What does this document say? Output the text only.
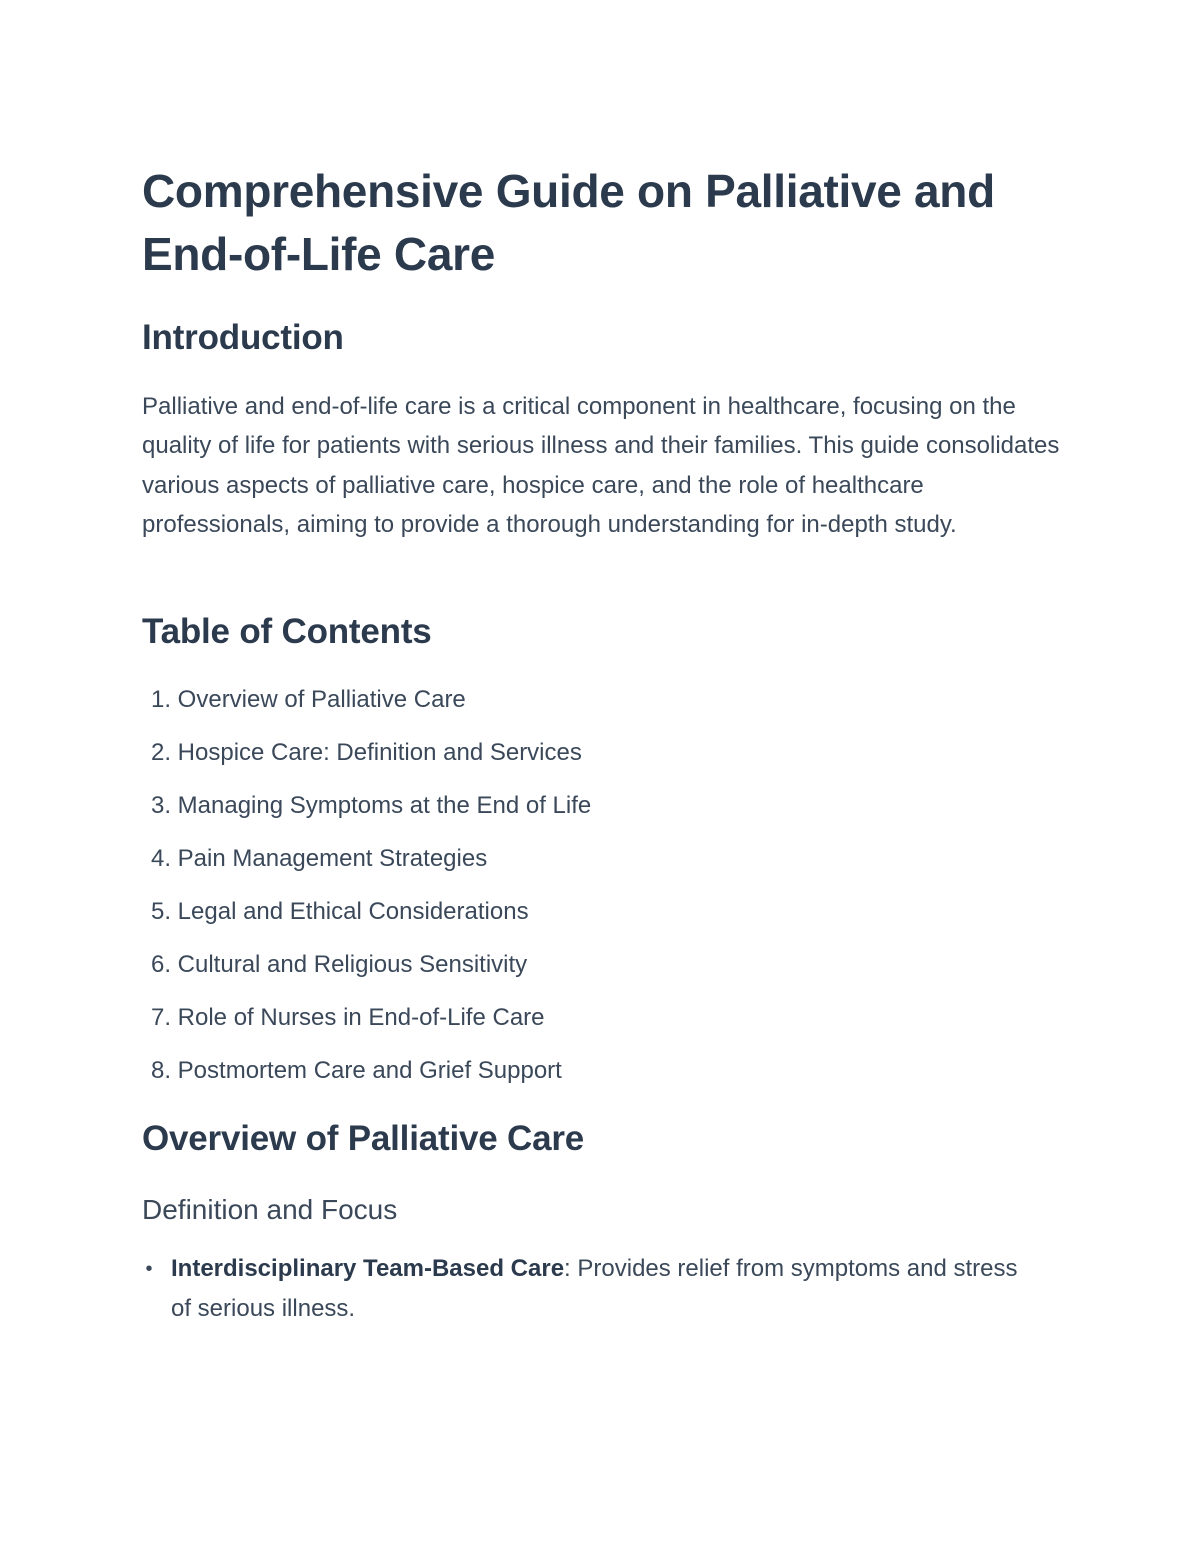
Comprehensive Guide on Palliative and End-of-Life Care
Introduction

Palliative and end-of-life care is a critical component in healthcare, focusing on the quality of life for patients with serious illness and their families. This guide consolidates various aspects of palliative care, hospice care, and the role of healthcare professionals, aiming to provide a thorough understanding for in-depth study.

Table of Contents
1. Overview of Palliative Care
2. Hospice Care: Definition and Services
3. Managing Symptoms at the End of Life
4. Pain Management Strategies
5. Legal and Ethical Considerations
6. Cultural and Religious Sensitivity
7. Role of Nurses in End-of-Life Care
8. Postmortem Care and Grief Support
Overview of Palliative Care
Definition and Focus
• Interdisciplinary Team-Based Care: Provides relief from symptoms and stress of serious illness.
